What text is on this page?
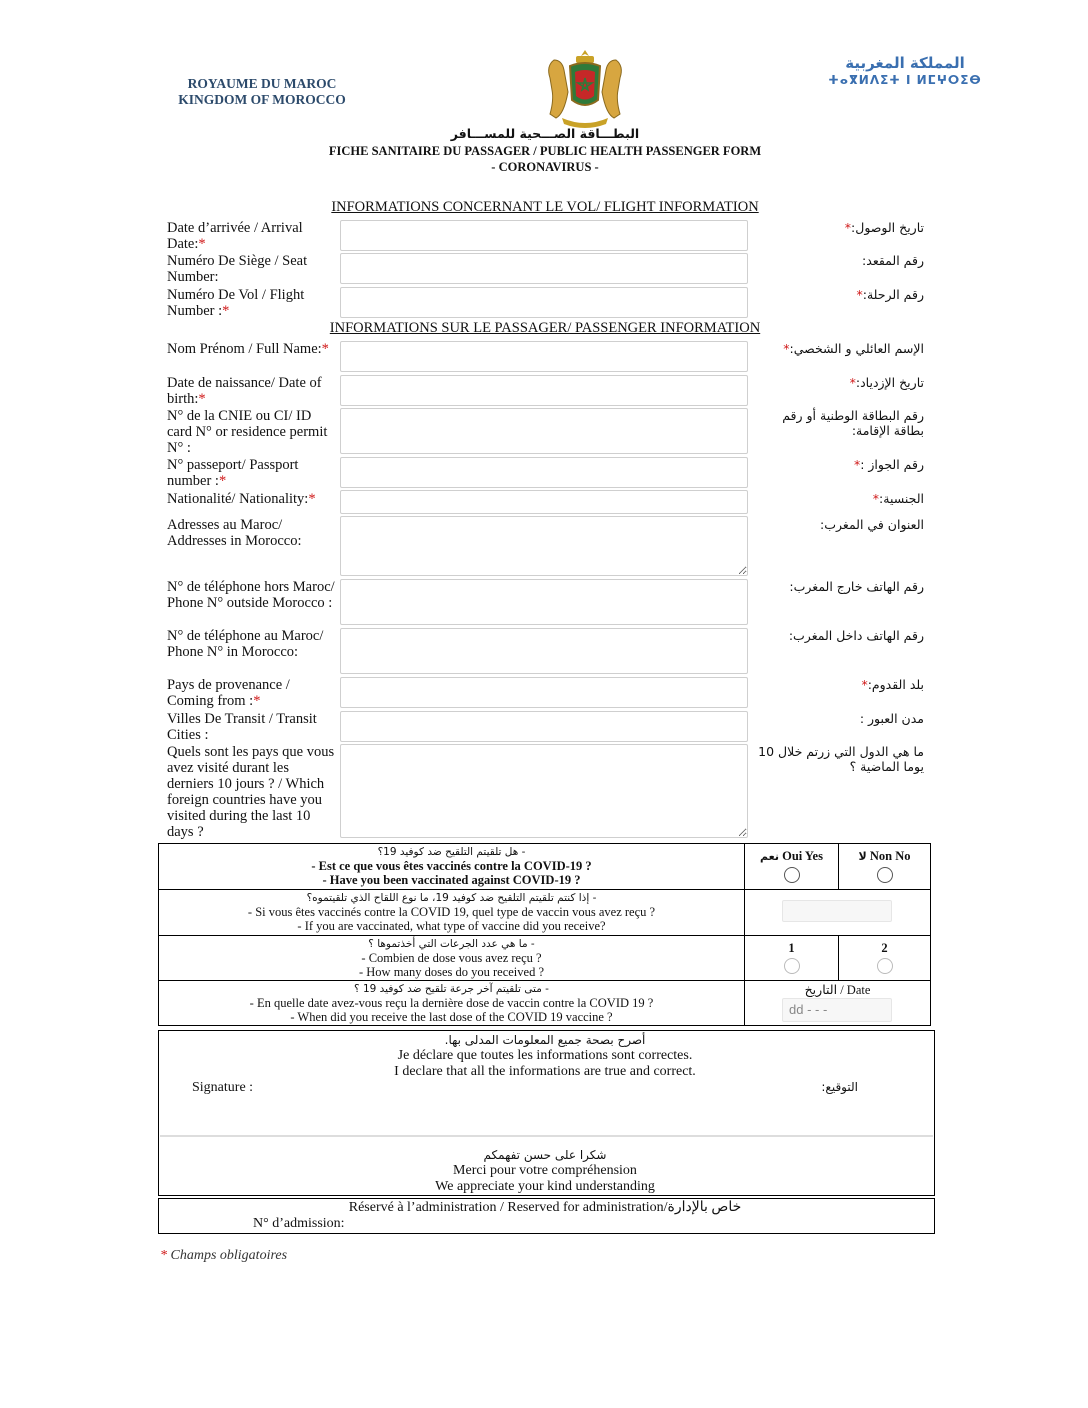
ROYAUME DU MAROC
KINGDOM OF MOROCCO
المملكة المغربية
ⵜⴰⴳⵍⴷⵉⵜ ⵏ ⵍⵎⵖⵔⵉⴱ
البطـــاقة الصـــحية للمســـافر
FICHE SANITAIRE DU PASSAGER / PUBLIC HEALTH PASSENGER FORM
- CORONAVIRUS -
INFORMATIONS CONCERNANT LE VOL/ FLIGHT INFORMATION
Date d’arrivée / Arrival Date:*
تاريخ الوصول:*
Numéro De Siège / Seat Number:
رقم المقعد:
Numéro De Vol / Flight Number :*
رقم الرحلة:*
INFORMATIONS SUR LE PASSAGER/ PASSENGER INFORMATION
Nom Prénom / Full Name:*	الإسم العائلي و الشخصي:*
Date de naissance/ Date of birth:*
تاريخ الإزدياد:*
N° de la CNIE ou CI/ ID card N° or residence permit N° :
رقم البطاقة الوطنية أو رقم بطاقة الإقامة:
N° passeport/ Passport number :*
رقم الجواز :*
Nationalité/ Nationality:*	الجنسية:*
Adresses au Maroc/ Addresses in Morocco:
العنوان في المغرب:
N° de téléphone hors Maroc/ Phone N° outside Morocco :
رقم الهاتف خارج المغرب:
N° de téléphone au Maroc/ Phone N° in Morocco:
رقم الهاتف داخل المغرب:
Pays de provenance / Coming from :*
بلد القدوم:*
Villes De Transit / Transit Cities :
مدن العبور :
Quels sont les pays que vous avez visité durant les derniers 10 jours ? / Which foreign countries have you visited during the last 10 days ?
ما هي الدول التي زرتم خلال 10 يوما الماضية ؟
- هل تلقيتم التلقيح ضد كوفيد 19؟
- Est ce que vous êtes vaccinés contre la COVID-19 ?
- Have you been vaccinated against COVID-19 ?
نعم Oui Yes	لا Non No
- إذا كنتم تلقيتم التلقيح ضد كوفيد 19، ما نوع اللقاح الذي تلقيتموه؟
- Si vous êtes vaccinés contre la COVID 19, quel type de vaccin vous avez reçu ?
- If you are vaccinated, what type of vaccine did you receive?
- ما هي عدد الجرعات التي أخذتموها ؟
- Combien de dose vous avez reçu ?
- How many doses do you received ?
1	2
- متى تلقيتم آخر جرعة تلقيح ضد كوفيد 19 ؟
- En quelle date avez-vous reçu la dernière dose de vaccin contre la COVID 19 ?
- When did you receive the last dose of the COVID 19 vaccine ?
التاريخ / Date
dd - - -
أصرح بصحة جميع المعلومات المدلى بها.
Je déclare que toutes les informations sont correctes.
I declare that all the informations are true and correct.
Signature :	التوقيع:
شكرا على حسن تفهمكم
Merci pour votre compréhension
We appreciate your kind understanding
Réservé à l’administration / Reserved for administration/خاص بالإدارة
N° d’admission:
* Champs obligatoires
